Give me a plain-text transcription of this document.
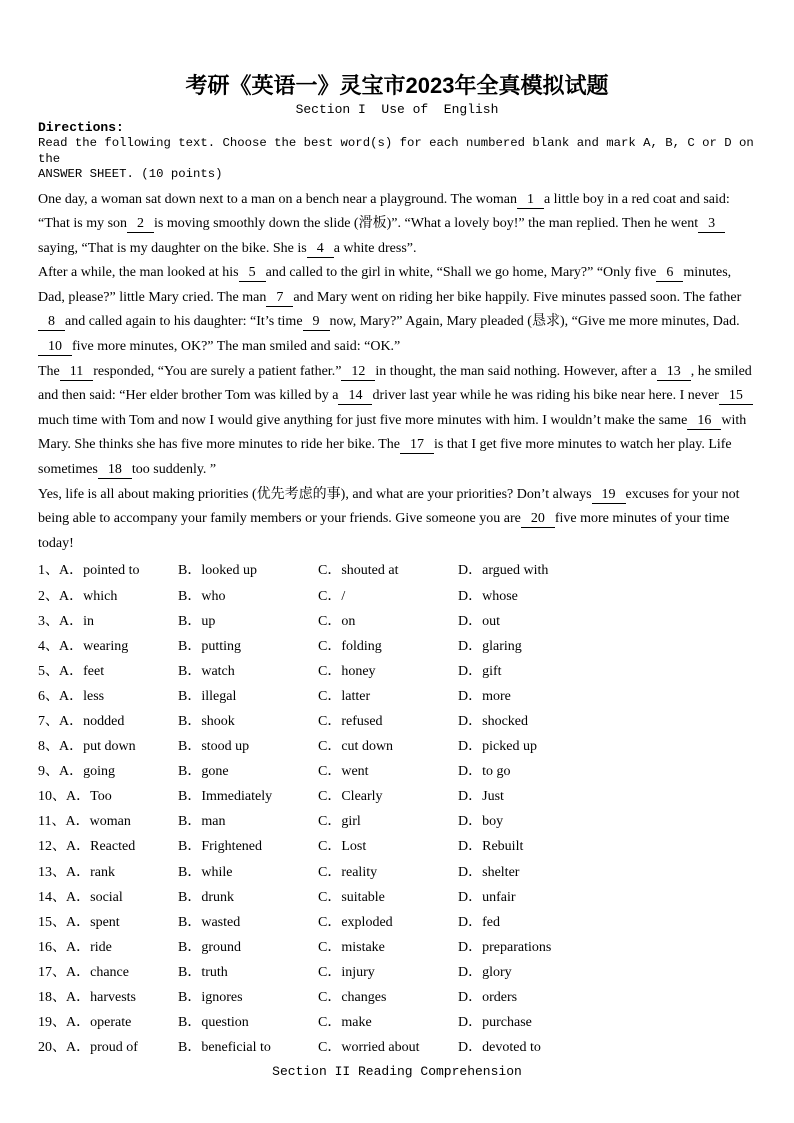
考研《英语一》灵宝市2023年全真模拟试题
Section I  Use of  English
Directions:
Read the following text. Choose the best word(s) for each numbered blank and mark A, B, C or D on the
ANSWER SHEET. (10 points)

One day, a woman sat down next to a man on a bench near a playground. The woman 1 a little boy in a red coat and said: “That is my son 2 is moving smoothly down the slide (滑板)”. “What a lovely boy!” the man replied. Then he went 3saying, “That is my daughter on the bike. She is 4 a white dress”.

After a while, the man looked at his 5 and called to the girl in white, “Shall we go home, Mary?” “Only five 6 minutes, Dad, please?” little Mary cried. The man 7 and Mary went on riding her bike happily. Five minutes passed soon. The father8 and called again to his daughter: “It’s time 9 now, Mary?” Again, Mary pleaded (恳求), “Give me more minutes, Dad.10 five more minutes, OK?” The man smiled and said: “OK.”

The 11 responded, “You are surely a patient father.” 12 in thought, the man said nothing. However, after a 13 , he smiled and then said: “Her elder brother Tom was killed by a 14 driver last year while he was riding his bike near here. I never 15much time with Tom and now I would give anything for just five more minutes with him. I wouldn’t make the same 16 with Mary. She thinks she has five more minutes to ride her bike. The 17 is that I get five more minutes to watch her play. Life sometimes 18 too suddenly. ”

Yes, life is all about making priorities (优先考虑的事), and what are your priorities? Don’t always 19 excuses for your not being able to accompany your family members or your friends. Give someone you are 20 five more minutes of your time today!

1、A．pointed to	B．looked up	C．shouted at	D．argued with
2、A．which	B．who	C．/	D．whose
3、A．in	B．up	C．on	D．out
4、A．wearing	B．putting	C．folding	D．glaring
5、A．feet	B．watch	C．honey	D．gift
6、A．less	B．illegal	C．latter	D．more
7、A．nodded	B．shook	C．refused	D．shocked
8、A．put down	B．stood up	C．cut down	D．picked up
9、A．going	B．gone	C．went	D．to go
10、A．Too	B．Immediately	C．Clearly	D．Just
11、A．woman	B．man	C．girl	D．boy
12、A．Reacted	B．Frightened	C．Lost	D．Rebuilt
13、A．rank	B．while	C．reality	D．shelter
14、A．social	B．drunk	C．suitable	D．unfair
15、A．spent	B．wasted	C．exploded	D．fed
16、A．ride	B．ground	C．mistake	D．preparations
17、A．chance	B．truth	C．injury	D．glory
18、A．harvests	B．ignores	C．changes	D．orders
19、A．operate	B．question	C．make	D．purchase
20、A．proud of	B．beneficial to	C．worried about	D．devoted to
Section II Reading Comprehension
